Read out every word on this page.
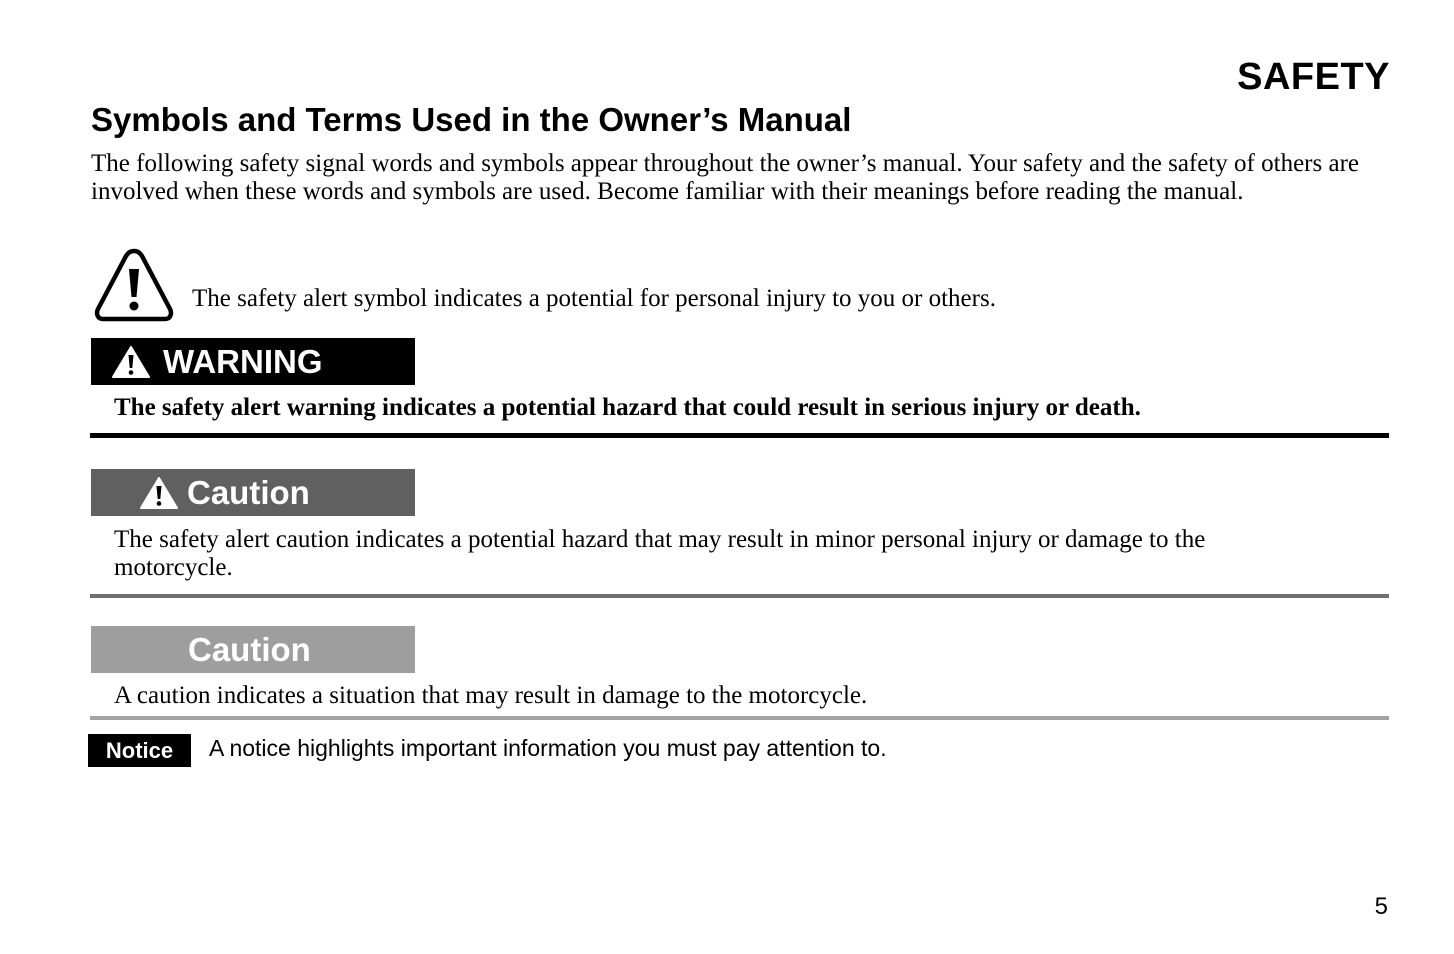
SAFETY
Symbols and Terms Used in the Owner’s Manual
The following safety signal words and symbols appear throughout the owner’s manual. Your safety and the safety of others are involved when these words and symbols are used. Become familiar with their meanings before reading the manual.
The safety alert symbol indicates a potential for personal injury to you or others.
WARNING
The safety alert warning indicates a potential hazard that could result in serious injury or death.
Caution
The safety alert caution indicates a potential hazard that may result in minor personal injury or damage to the motorcycle.
Caution
A caution indicates a situation that may result in damage to the motorcycle.
Notice	A notice highlights important information you must pay attention to.
5
